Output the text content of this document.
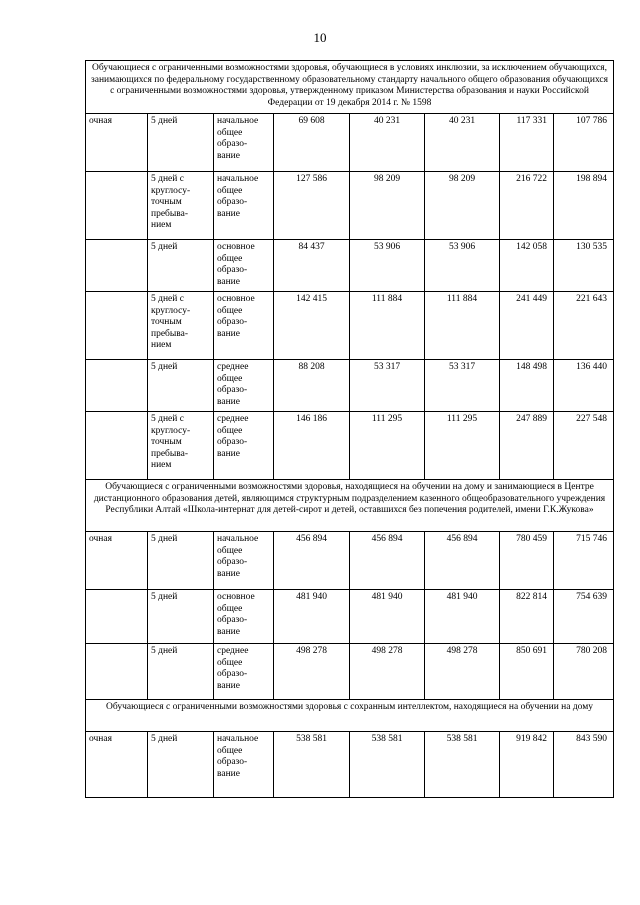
10
Обучающиеся с ограниченными возможностями здоровья, обучающиеся в условиях инклюзии, за исключением обучающихся, занимающихся по федеральному государственному образовательному стандарту начального общего образования обучающихся с ограниченными возможностями здоровья, утвержденному приказом Министерства образования и науки Российской Федерации от 19 декабря 2014 г. № 1598							
очная	5 дней	начальное
общее
образо-
вание	69 608	40 231	40 231	117 331	107 786
	5 дней с
круглосу-
точным
пребыва-
нием	начальное
общее
образо-
вание	127 586	98 209	98 209	216 722	198 894
	5 дней	основное
общее
образо-
вание	84 437	53 906	53 906	142 058	130 535
	5 дней с
круглосу-
точным
пребыва-
нием	основное
общее
образо-
вание	142 415	111 884	111 884	241 449	221 643
	5 дней	среднее
общее
образо-
вание	88 208	53 317	53 317	148 498	136 440
	5 дней с
круглосу-
точным
пребыва-
нием	среднее
общее
образо-
вание	146 186	111 295	111 295	247 889	227 548
Обучающиеся с ограниченными возможностями здоровья, находящиеся на обучении на дому и занимающиеся в Центре дистанционного образования детей, являющимся структурным подразделением казенного общеобразовательного учреждения Республики Алтай «Школа-интернат для детей-сирот и детей, оставшихся без попечения родителей, имени Г.К.Жукова»							
очная	5 дней	начальное
общее
образо-
вание	456 894	456 894	456 894	780 459	715 746
	5 дней	основное
общее
образо-
вание	481 940	481 940	481 940	822 814	754 639
	5 дней	среднее
общее
образо-
вание	498 278	498 278	498 278	850 691	780 208
Обучающиеся с ограниченными возможностями здоровья с сохранным интеллектом, находящиеся на обучении на дому							
очная	5 дней	начальное
общее
образо-
вание	538 581	538 581	538 581	919 842	843 590
